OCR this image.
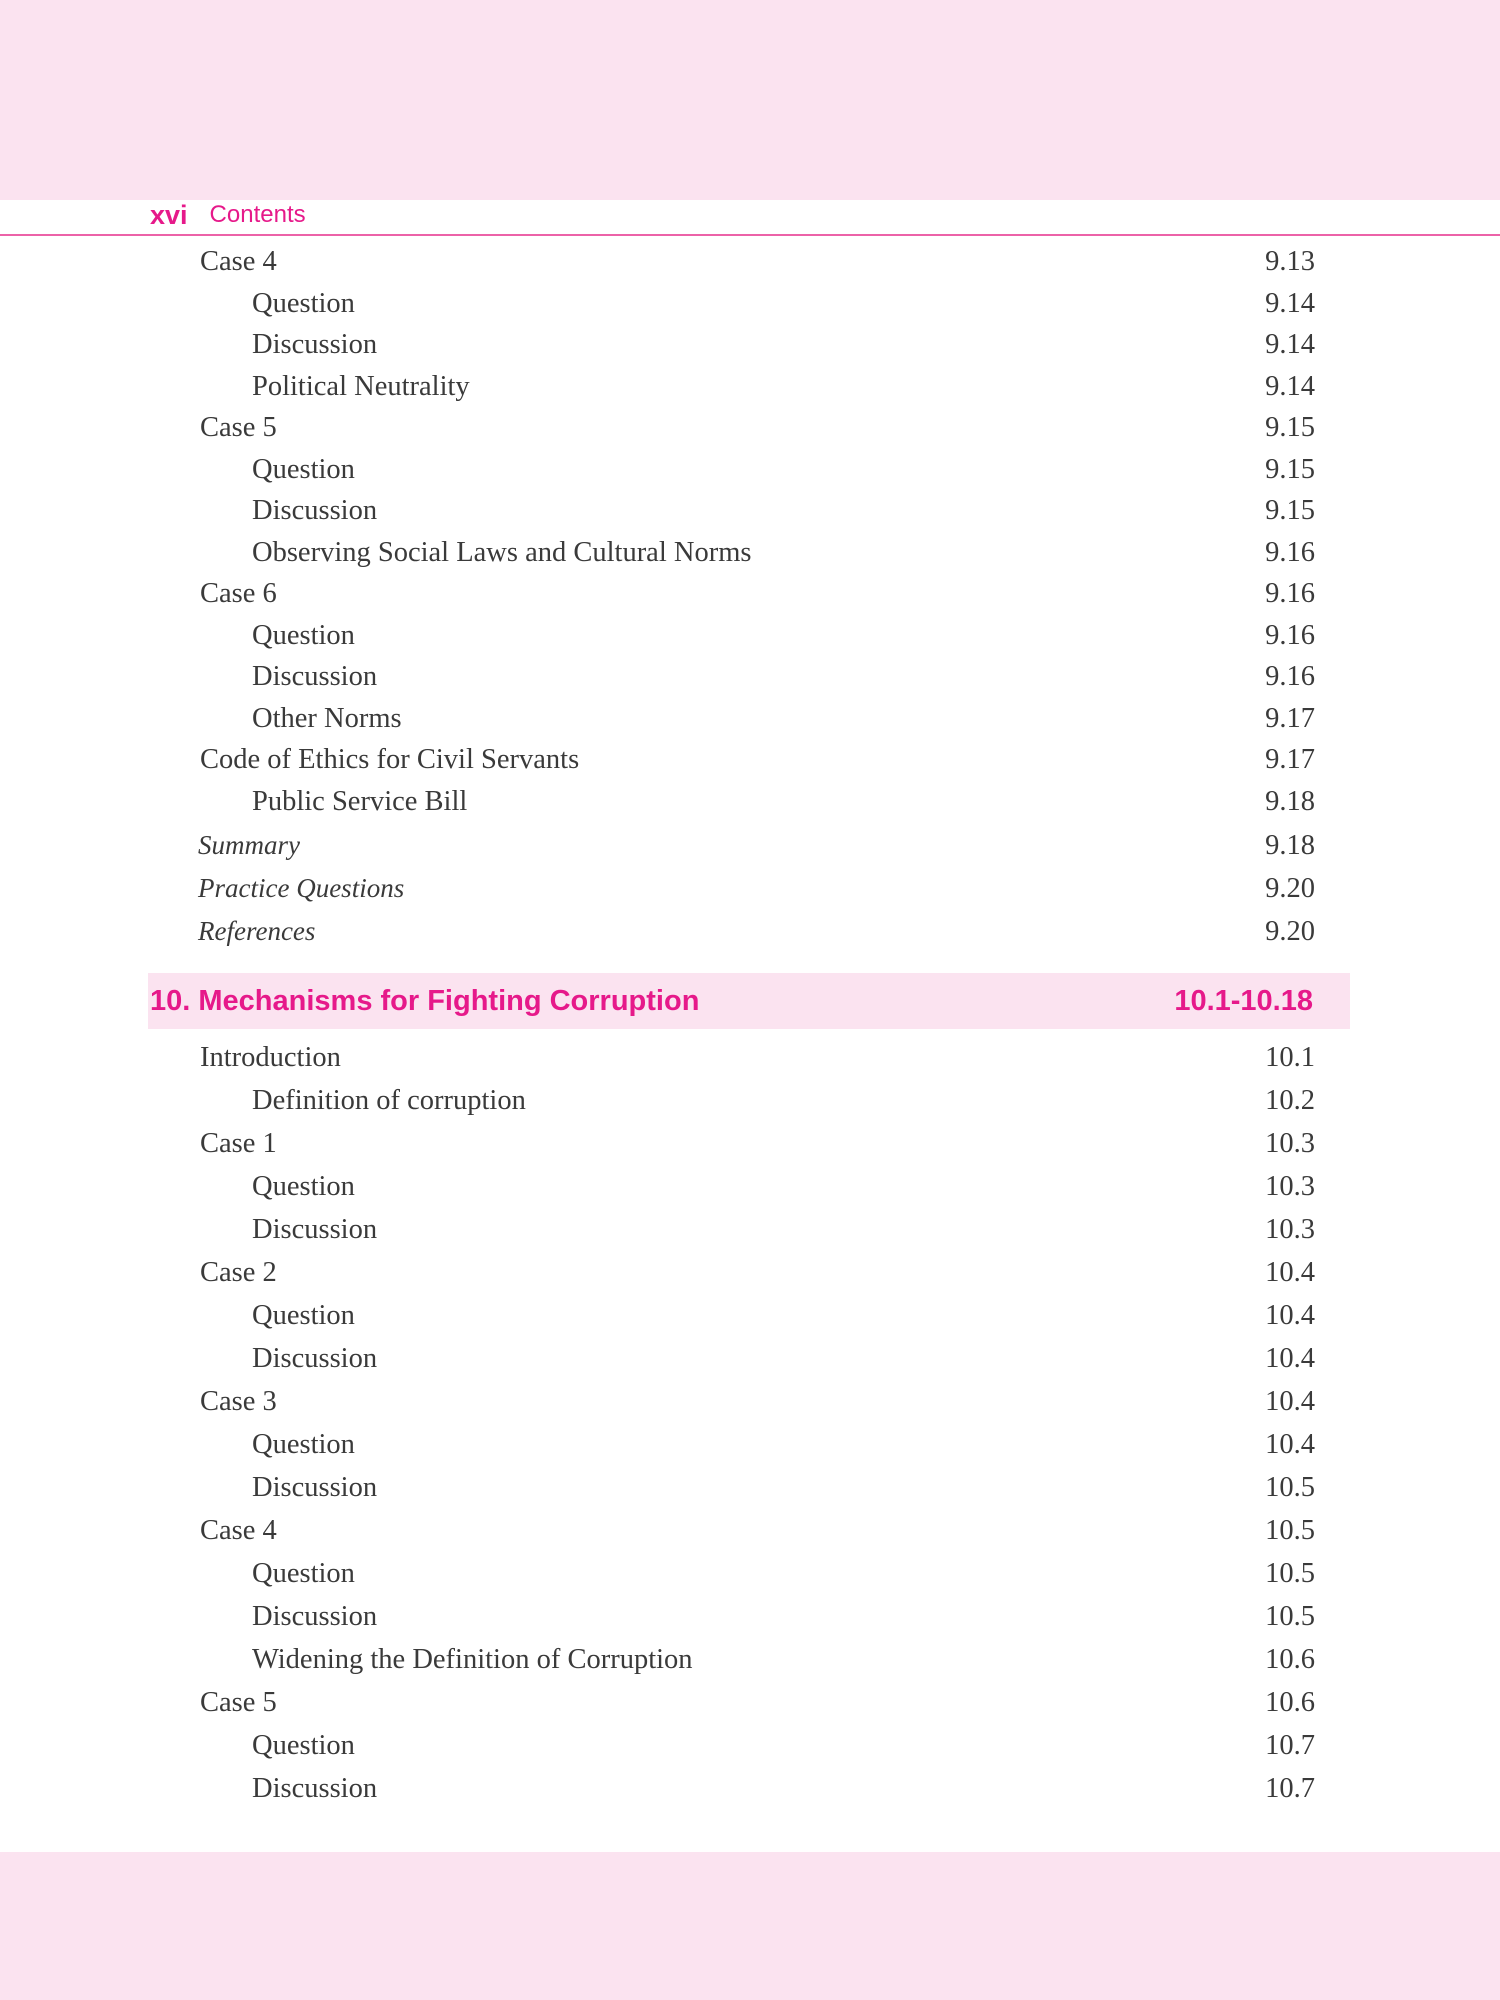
xvi Contents
Case 4	9.13
Question	9.14
Discussion	9.14
Political Neutrality	9.14
Case 5	9.15
Question	9.15
Discussion	9.15
Observing Social Laws and Cultural Norms	9.16
Case 6	9.16
Question	9.16
Discussion	9.16
Other Norms	9.17
Code of Ethics for Civil Servants	9.17
Public Service Bill	9.18
Summary	9.18
Practice Questions	9.20
References	9.20
10. Mechanisms for Fighting Corruption	10.1-10.18
Introduction	10.1
Definition of corruption	10.2
Case 1	10.3
Question	10.3
Discussion	10.3
Case 2	10.4
Question	10.4
Discussion	10.4
Case 3	10.4
Question	10.4
Discussion	10.5
Case 4	10.5
Question	10.5
Discussion	10.5
Widening the Definition of Corruption	10.6
Case 5	10.6
Question	10.7
Discussion	10.7
